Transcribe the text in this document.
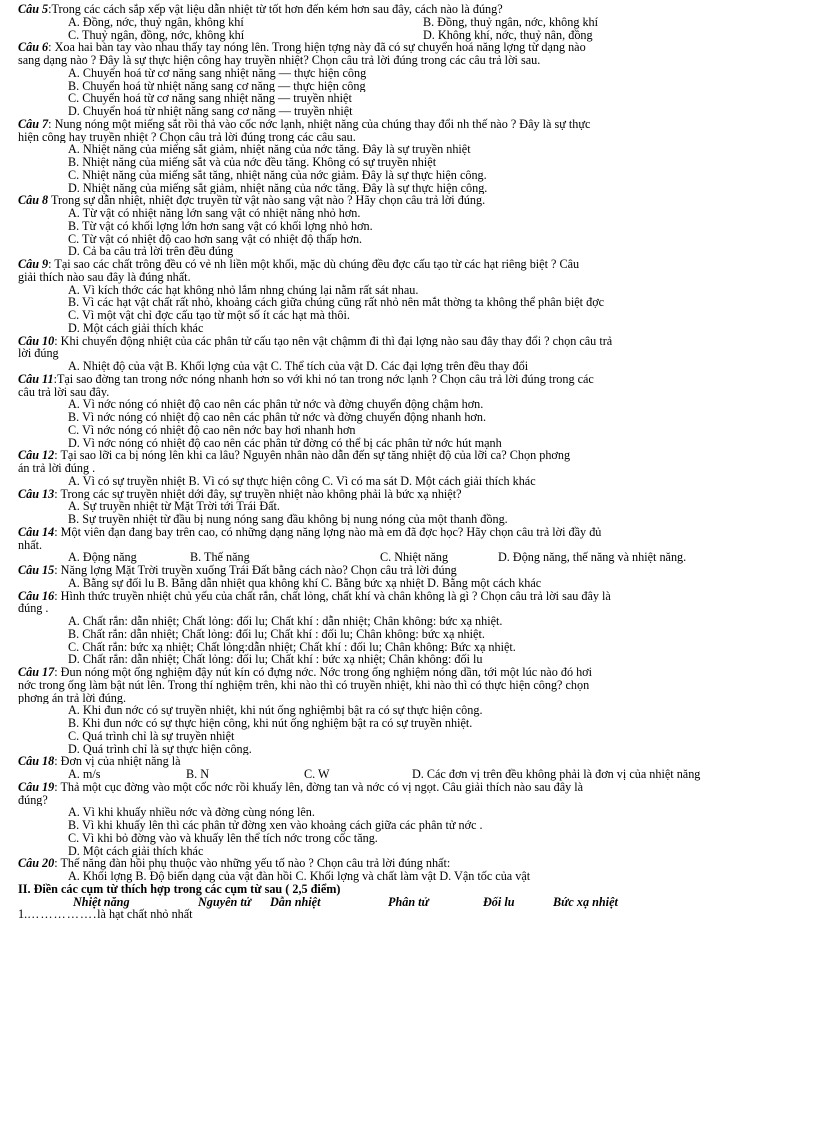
Câu 5:Trong các cách sắp xếp vật liệu dẫn nhiệt từ tốt hơn đến kém hơn sau đây, cách nào là đúng?
A. Đồng, nớc, thuỷ ngân, không khí	B. Đồng, thuỷ ngân, nớc, không khí
C. Thuỷ ngân, đồng, nớc, không khí	D. Không khí, nớc, thuỷ nân, đồng
Câu 6: Xoa hai bàn tay vào nhau thấy tay nóng lên. Trong hiện tợng này đã có sự chuyển hoá năng lợng từ dạng nào
sang dạng nào ? Đây là sự thực hiện công hay truyền nhiệt? Chọn câu trả lời đúng trong các câu trả lời sau.
A. Chuyển hoá từ cơ năng sang nhiệt năng — thực hiện công
B. Chuyển hoá từ nhiệt năng sang cơ năng — thực hiện công
C. Chuyển hoá từ cơ năng sang nhiệt năng — truyền nhiệt
D. Chuyển hoá từ nhiệt năng sang cơ năng — truyền nhiệt
Câu 7: Nung nóng một miếng sắt rồi thả vào cốc nớc lạnh, nhiệt năng của chúng thay đổi nh thế nào ? Đây là sự thực
hiện công hay truyền nhiệt ? Chọn câu trả lời đúng trong các câu sau.
A. Nhiệt năng của miếng sắt giảm, nhiệt năng của nớc tăng. Đây là sự truyền nhiệt
B. Nhiệt năng của miếng sắt và của nớc đều tăng. Không có sự truyền nhiệt
C. Nhiệt năng của miếng sắt tăng, nhiệt năng của nớc giảm. Đây là sự thực hiện công.
D. Nhiệt năng của miếng sắt giảm, nhiệt năng của nớc tăng. Đây là sự thực hiện công.
Câu 8 Trong sự dẫn nhiệt, nhiệt đợc truyền từ vật nào sang vật nào ? Hãy chọn câu trả lời đúng.
A. Từ vật có nhiệt năng lớn sang vật có nhiệt năng nhỏ hơn.
B. Từ vật có khối lợng lớn hơn sang vật có khối lợng nhỏ hơn.
C. Từ vật có nhiệt độ cao hơn sang vật có nhiệt độ thấp hơn.
D. Cả ba câu trả lời trên đều đúng
Câu 9: Tại sao các chất trông đều có vẻ nh liền một khối, mặc dù chúng đều đợc cấu tạo từ các hạt riêng biệt ? Câu
giải thích nào sau đây là đúng nhất.
A. Vì kích thớc các hạt không nhỏ lắm nhng chúng lại nằm rất sát nhau.
B. Vì các hạt vật chất rất nhỏ, khoảng cách giữa chúng cũng rất nhỏ nên mắt thờng ta không thể phân biệt đợc
C. Vì một vật chỉ đợc cấu tạo từ một số ít các hạt mà thôi.
D. Một cách giải thích khác
Câu 10: Khi chuyển động nhiệt của các phân tử cấu tạo nên vật chậmm đi thì đại lợng nào sau đây thay đổi ? chọn câu trả
lời đúng
A. Nhiệt độ của vật B. Khối lợng của vật C. Thể tích của vật D. Các đại lợng trên đều thay đổi
Câu 11:Tại sao đờng tan trong nớc nóng nhanh hơn so với khi nó tan trong nớc lạnh ? Chọn câu trả lời đúng trong các
câu trả lời sau đây.
A. Vì nớc nóng có nhiệt độ cao nên các phân tử nớc và đờng chuyển động chậm hơn.
B. Vì nớc nóng có nhiệt độ cao nên các phân tử nớc và đờng chuyển động nhanh hơn.
C. Vì nớc nóng có nhiệt độ cao nên nớc bay hơi nhanh hơn
D. Vì nớc nóng có nhiệt độ cao nên các phân tử đờng có thể bị các phân tử nớc hút mạnh
Câu 12: Tại sao lỡi ca bị nóng lên khi ca lâu? Nguyên nhân nào dẫn đến sự tăng nhiệt độ của lỡi ca? Chọn phơng
án trả lời đúng .
A. Vì có sự truyền nhiệt B. Vì có sự thực hiện công C. Vì có ma sát D. Một cách giải thích khác
Câu 13: Trong các sự truyền nhiệt dới đây, sự truyền nhiệt nào không phải là bức xạ nhiệt?
A. Sự truyền nhiệt từ Mặt Trời tới Trái Đất.
B. Sự truyền nhiệt từ đầu bị nung nóng sang đầu không bị nung nóng của một thanh đồng.
Câu 14: Một viên đạn đang bay trên cao, có những dạng năng lợng nào mà em đã đợc học? Hãy chọn câu trả lời đầy đủ
nhất.
A. Động năng	B. Thế năng	C. Nhiệt năng	D. Động năng, thế năng và nhiệt năng.
Câu 15: Năng lợng Mặt Trời truyền xuống Trái Đất bằng cách nào? Chọn câu trả lời đúng
A. Bằng sự đối lu B. Bằng dẫn nhiệt qua không khí C. Bằng bức xạ nhiệt D. Bằng một cách khác
Câu 16: Hình thức truyền nhiệt chủ yếu của chất rắn, chất lỏng, chất khí và chân không là gì ? Chọn câu trả lời sau đây là
đúng .
A. Chất rắn: dẫn nhiệt; Chất lỏng: đối lu; Chất khí : dẫn nhiệt; Chân không: bức xạ nhiệt.
B. Chất rắn: dẫn nhiệt; Chất lỏng: đối lu; Chất khí : đối lu; Chân không: bức xạ nhiệt.
C. Chất rắn: bức xạ nhiệt; Chất lỏng:dẫn nhiệt; Chất khí : đối lu; Chân không: Bức xạ nhiệt.
D. Chất rắn: dẫn nhiệt; Chất lỏng: đối lu; Chất khí : bức xạ nhiệt; Chân không: đối lu
Câu 17: Đun nóng một ống nghiệm đậy nút kín có đựng nớc. Nớc trong ống nghiệm nóng dần, tới một lúc nào đó hơi
nớc trong ống làm bật nút lên. Trong thí nghiệm trên, khi nào thì có truyền nhiệt, khi nào thì có thực hiện công? chọn
phơng án trả lời đúng.
A. Khi đun nớc có sự truyền nhiệt, khi nút ống nghiệmbị bật ra có sự thực hiện công.
B. Khi đun nớc có sự thực hiện công, khi nút ống nghiệm bật ra có sự truyền nhiệt.
C. Quá trình chỉ là sự truyền nhiệt
D. Quá trình chỉ là sự thực hiện công.
Câu 18: Đơn vị của nhiệt năng là
A. m/s	B. N	C. W	D. Các đơn vị trên đều không phải là đơn vị của nhiệt năng
Câu 19: Thả một cục đờng vào một cốc nớc rồi khuấy lên, đờng tan và nớc có vị ngọt. Câu giải thích nào sau đây là
đúng?
A. Vì khi khuấy nhiều nớc và đờng cùng nóng lên.
B. Vì khi khuấy lên thì các phân tử đờng xen vào khoảng cách giữa các phân tử nớc .
C. Vì khi bỏ đờng vào và khuấy lên thể tích nớc trong cốc tăng.
D. Một cách giải thích khác
Câu 20: Thế năng đàn hồi phụ thuộc vào những yếu tố nào ? Chọn câu trả lời đúng nhất:
A. Khối lợng B. Độ biến dạng của vật đàn hồi C. Khối lợng và chất làm vật D. Vận tốc của vật
II. Điền các cụm từ thích hợp trong các cụm từ sau ( 2,5 điểm)
Nhiệt năng	Nguyên tử	Dẫn nhiệt	Phân tử	Đối lu	Bức xạ nhiệt
1.…………….là hạt chất nhỏ nhất
